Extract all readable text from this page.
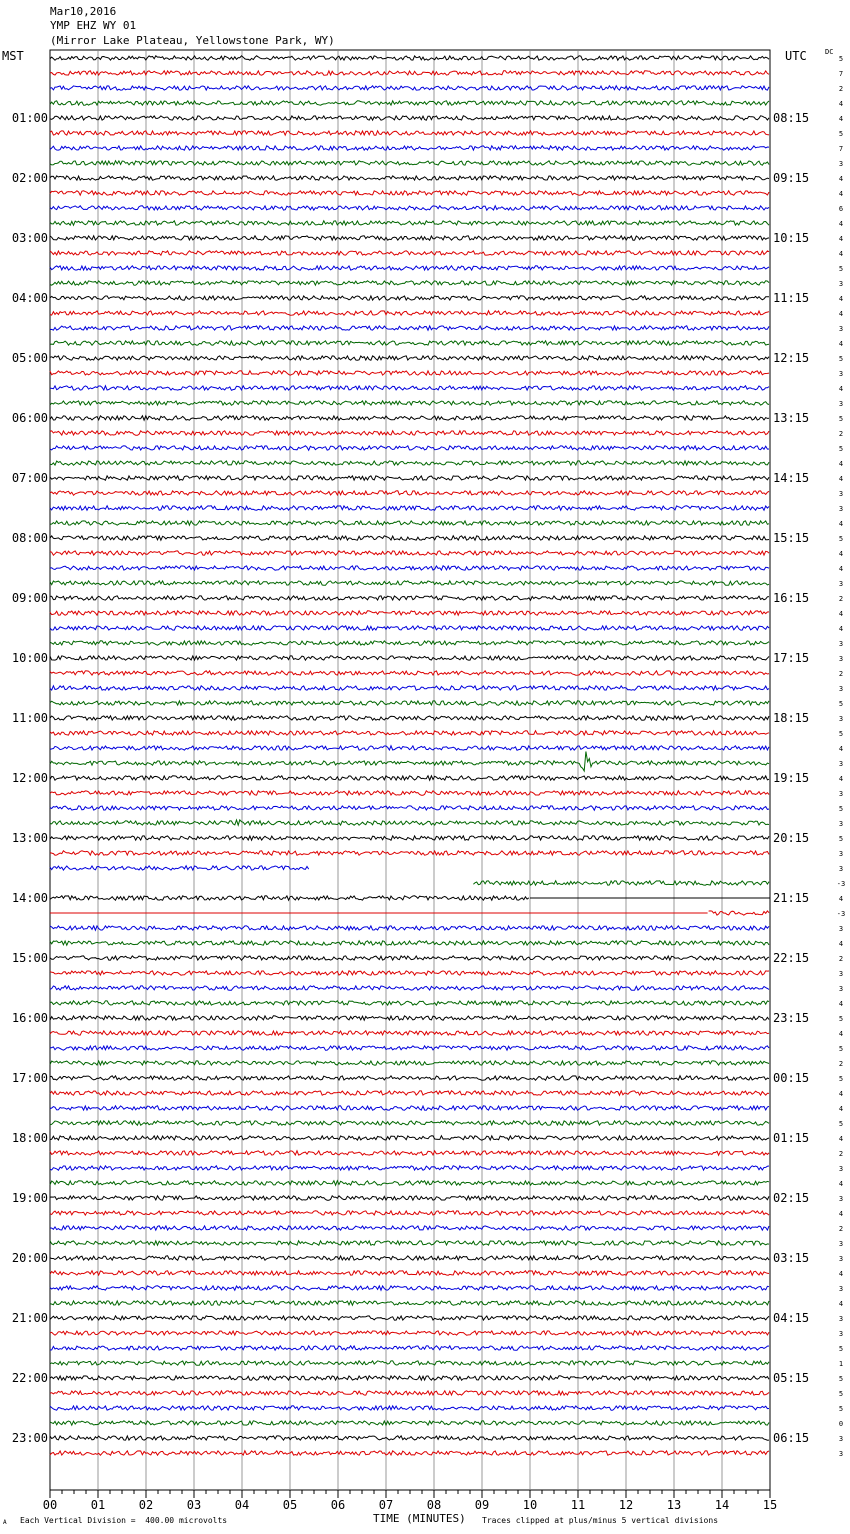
Mar10,2016
YMP EHZ WY 01
(Mirror Lake Plateau, Yellowstone Park, WY)
MST	UTC	DC
5
7
2
4
4
5
7
3
4
4
6
4
4
4
5
3
4
4
3
4
5
3
4
3
5
2
5
4
4
3
3
4
5
4
4
3
2
4
4
3
3
2
3
5
3
5
4
3
4
3
5
3
5
3
3
-3
4
-3
3
4
2
3
3
4
5
4
5
2
5
4
4
5
4
2
3
4
3
4
2
3
3
4
3
4
3
3
5
1
5
5
5
0
3
3
01:00
02:00
03:00
04:00
05:00
06:00
07:00
08:00
09:00
10:00
11:00
12:00
13:00
14:00
15:00
16:00
17:00
18:00
19:00
20:00
21:00
22:00
23:00
08:15
09:15
10:15
11:15
12:15
13:15
14:15
15:15
16:15
17:15
18:15
19:15
20:15
21:15
22:15
23:15
00:15
01:15
02:15
03:15
04:15
05:15
06:15
00	01	02	03	04	05	06	07	08	09	10	11	12	13	14	15
A Each Vertical Division =  400.00 microvolts	TIME (MINUTES) Traces clipped at plus/minus 5 vertical divisions
